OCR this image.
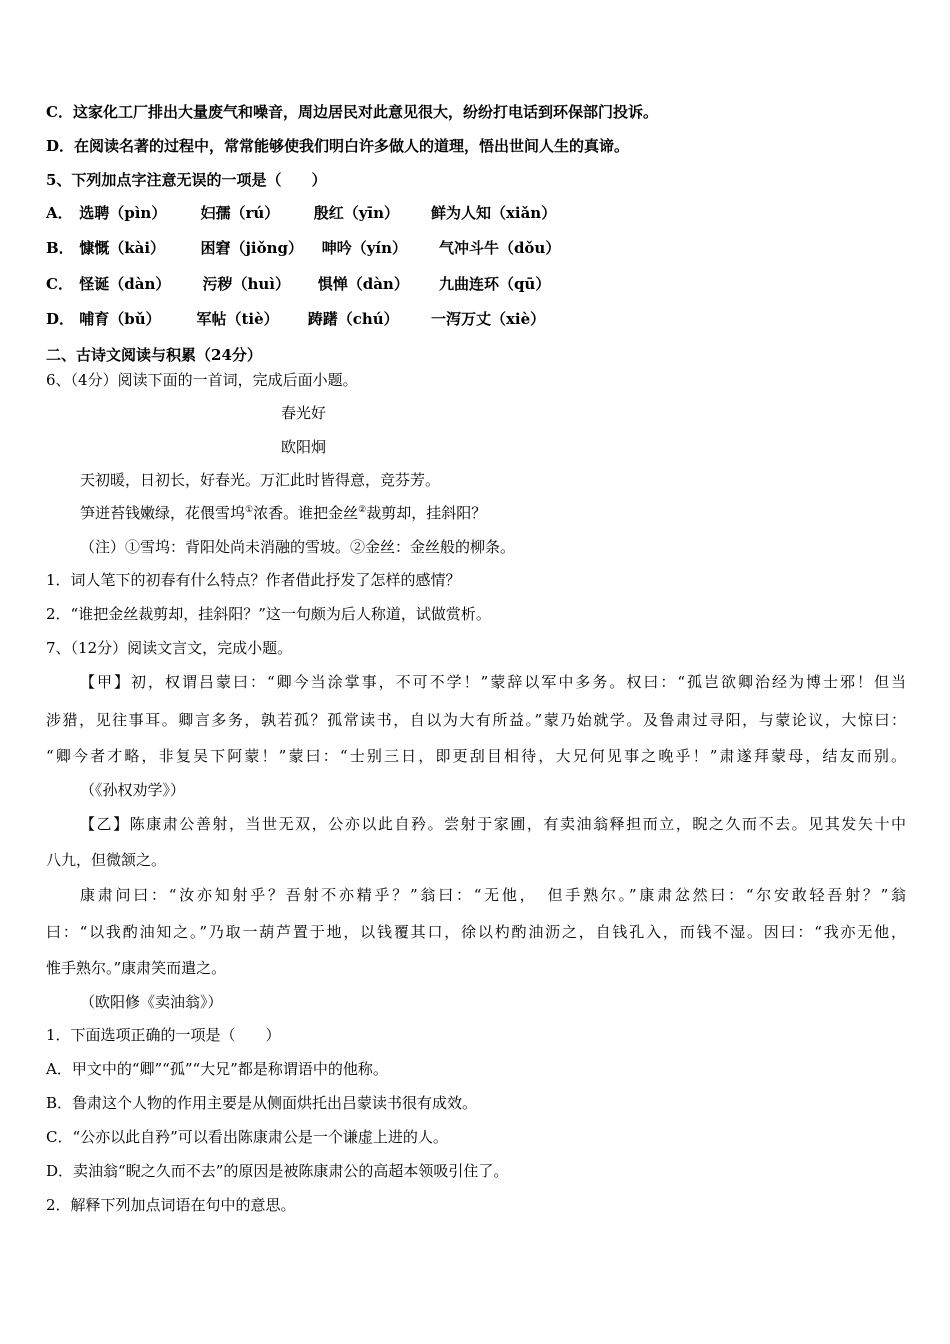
C．这家化工厂排出大量废气和噪音，周边居民对此意见很大，纷纷打电话到环保部门投诉。
D．在阅读名著的过程中，常常能够使我们明白许多做人的道理，悟出世间人生的真谛。
5、下列加点字注意无误的一项是（　　）
A． 选聘（pìn） 妇孺（rú） 殷红（yīn） 鲜为人知（xiǎn）
B． 慷慨（kài） 困窘（jiǒng） 呻吟（yín） 气冲斗牛（dǒu）
C． 怪诞（dàn） 污秽（huì） 惧惮（dàn） 九曲连环（qū）
D． 哺育（bǔ） 军帖（tiè） 踌躇（chú） 一泻万丈（xiè）
二、古诗文阅读与积累（24分）
6、（4分）阅读下面的一首词，完成后面小题。
春光好
欧阳炯
天初暖，日初长，好春光。万汇此时皆得意，竞芬芳。
笋迸苔钱嫩绿，花偎雪坞①浓香。谁把金丝②裁剪却，挂斜阳？
（注）①雪坞：背阳处尚未消融的雪坡。②金丝：金丝般的柳条。
1．词人笔下的初春有什么特点？作者借此抒发了怎样的感情？
2．“谁把金丝裁剪却，挂斜阳？”这一句颇为后人称道，试做赏析。
7、（12分）阅读文言文，完成小题。
【甲】初，权谓吕蒙曰：“卿今当涂掌事，不可不学！”蒙辞以军中多务。权曰：“孤岂欲卿治经为博士邪！但当
涉猎，见往事耳。卿言多务，孰若孤？孤常读书，自以为大有所益。”蒙乃始就学。及鲁肃过寻阳，与蒙论议，大惊曰：
“卿今者才略，非复吴下阿蒙！”蒙曰：“士别三日，即更刮目相待，大兄何见事之晚乎！”肃遂拜蒙母，结友而别。
（《孙权劝学》）
【乙】陈康肃公善射，当世无双，公亦以此自矜。尝射于家圃，有卖油翁释担而立，睨之久而不去。见其发矢十中
八九，但微颔之。
康肃问曰：“汝亦知射乎？吾射不亦精乎？”翁曰：“无他，　但手熟尔。”康肃忿然曰：“尔安敢轻吾射？”翁
曰：“以我酌油知之。”乃取一葫芦置于地，以钱覆其口，徐以杓酌油沥之，自钱孔入，而钱不湿。因曰：“我亦无他，
惟手熟尔。”康肃笑而遣之。
（欧阳修《卖油翁》）
1．下面选项正确的一项是（　　）
A．甲文中的“卿”“孤”“大兄”都是称谓语中的他称。
B．鲁肃这个人物的作用主要是从侧面烘托出吕蒙读书很有成效。
C．“公亦以此自矜”可以看出陈康肃公是一个谦虚上进的人。
D．卖油翁“睨之久而不去”的原因是被陈康肃公的高超本领吸引住了。
2．解释下列加点词语在句中的意思。
